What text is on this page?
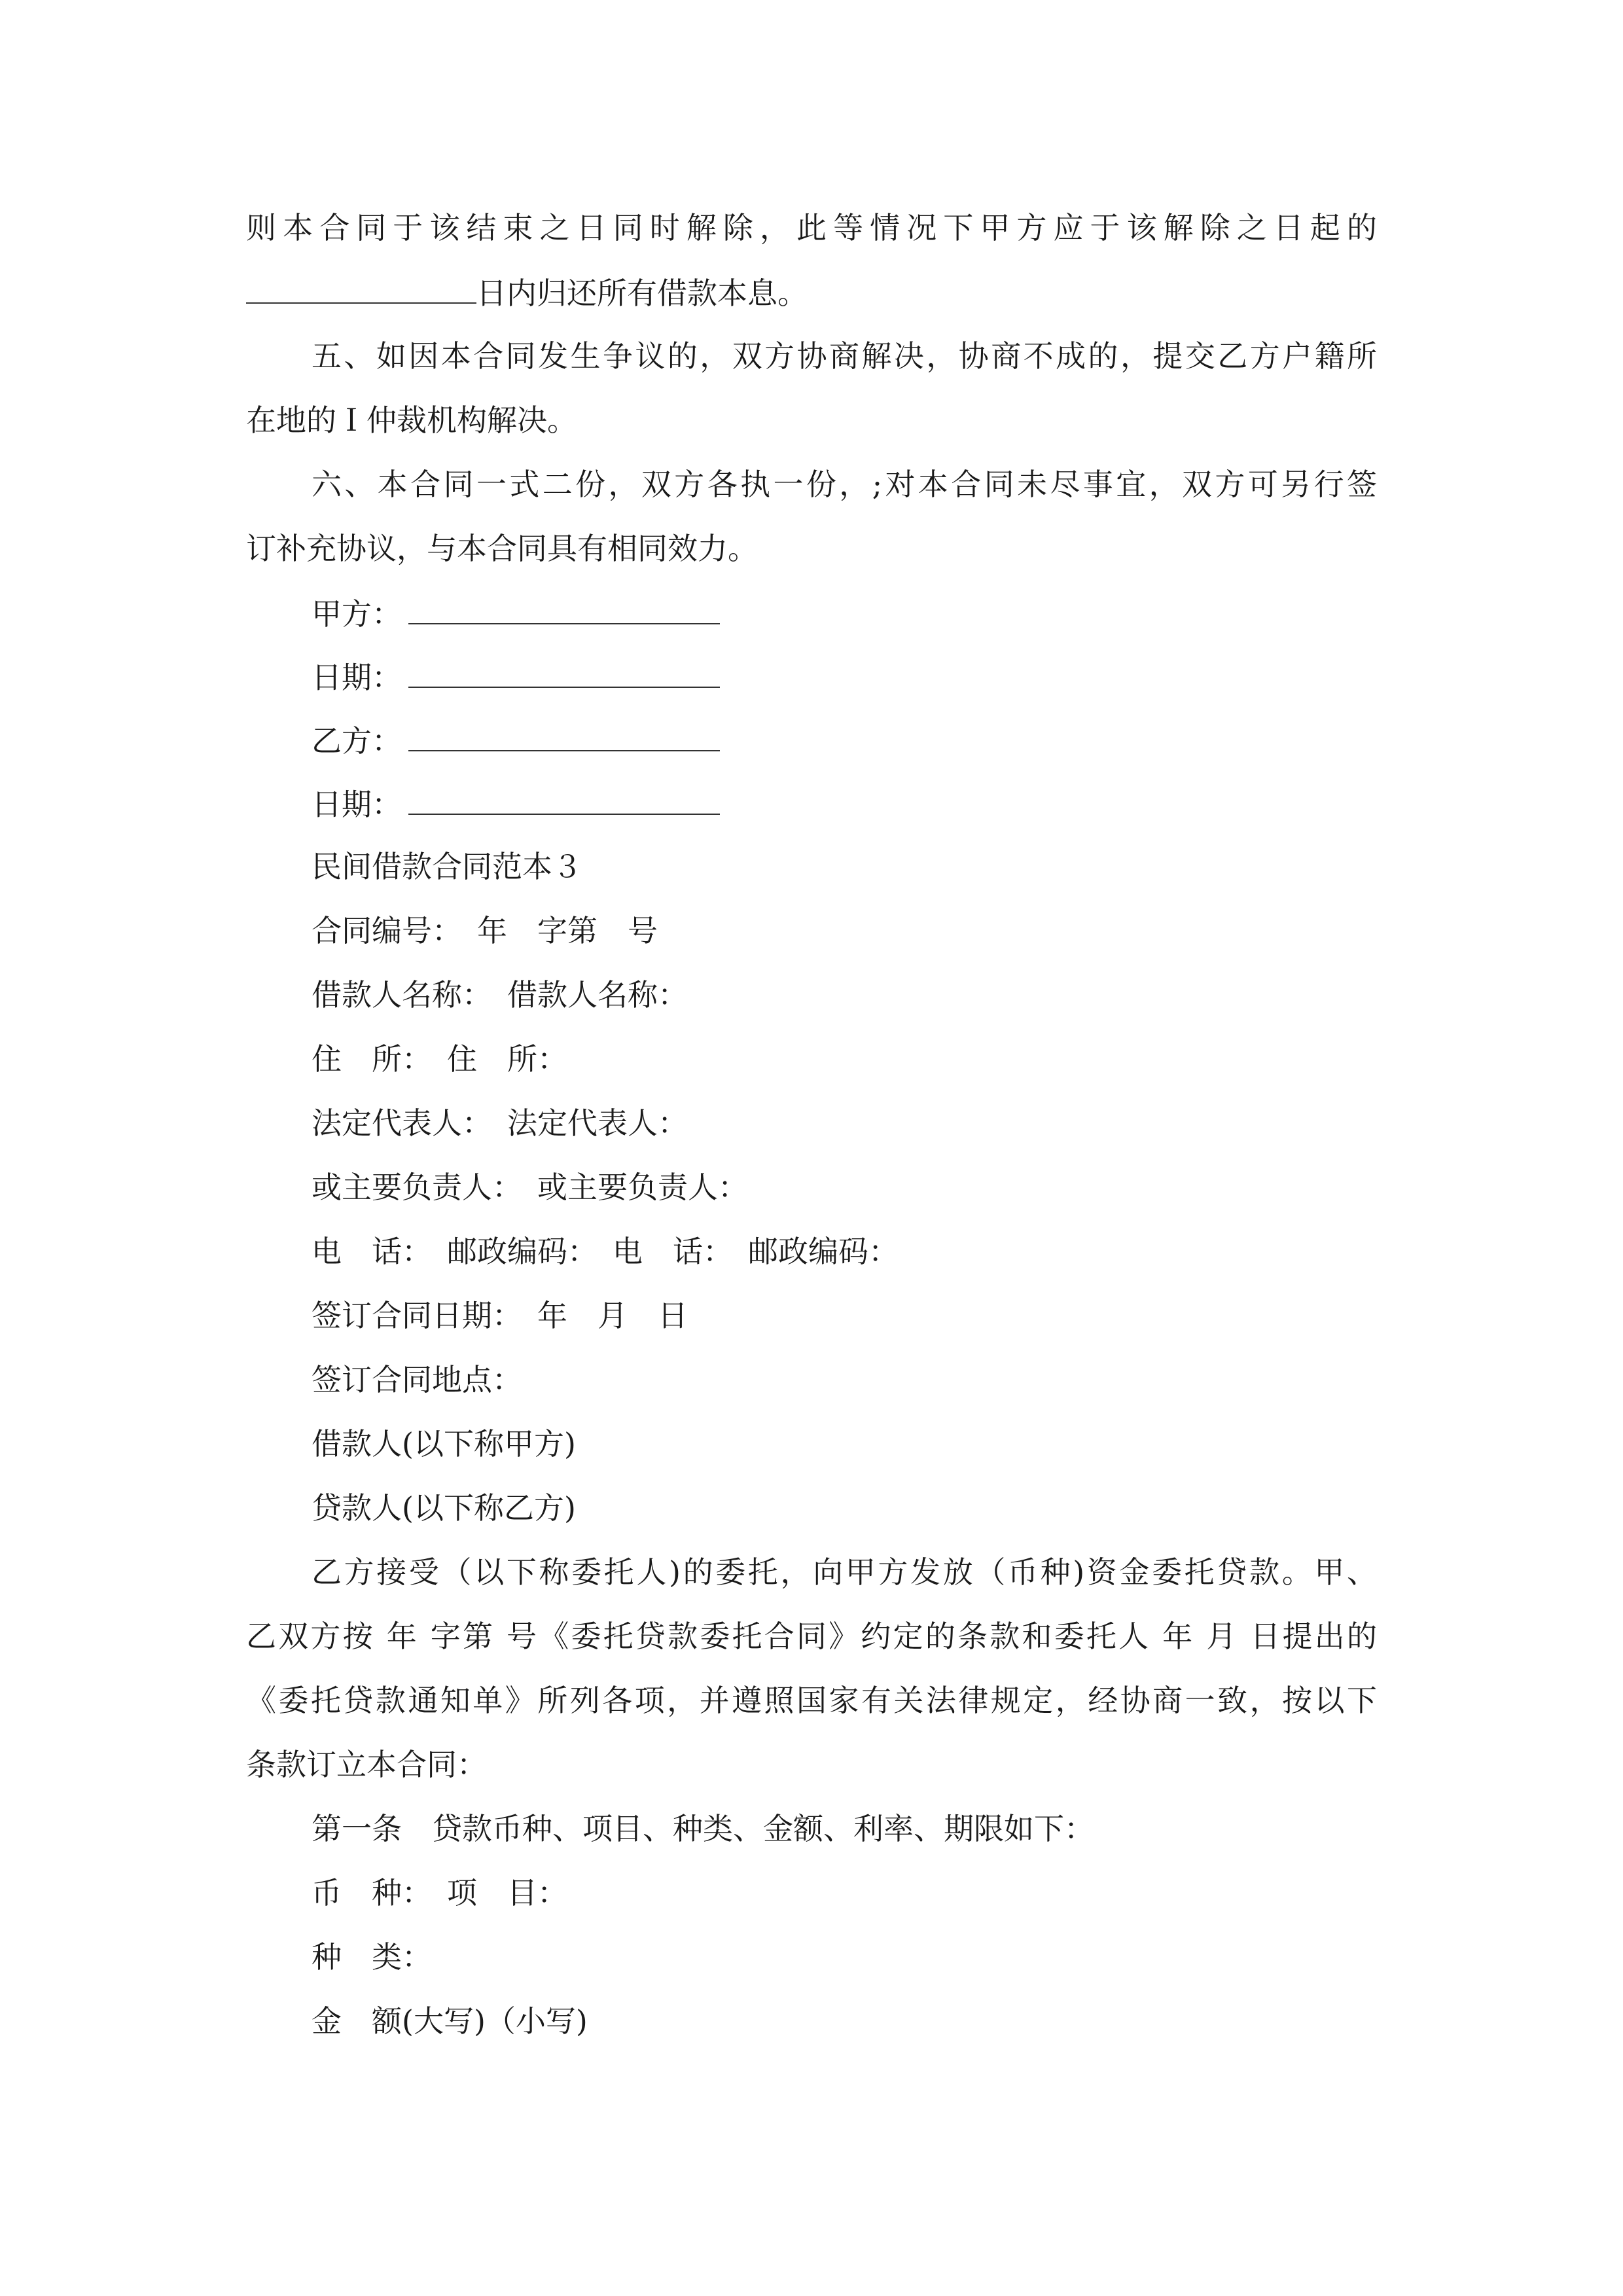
则本合同于该结束之日同时解除，此等情况下甲方应于该解除之日起的
日内归还所有借款本息。
五、如因本合同发生争议的，双方协商解决，协商不成的，提交乙方户籍所
在地的Ｉ仲裁机构解决。
六、本合同一式二份，双方各执一份，;对本合同未尽事宜，双方可另行签
订补充协议，与本合同具有相同效力。
甲方：
日期：
乙方：
日期：
民间借款合同范本３
合同编号：　年　字第　号
借款人名称：　借款人名称：
住　所：　住　所：
法定代表人：　法定代表人：
或主要负责人：　或主要负责人：
电　话：　邮政编码：　电　话：　邮政编码：
签订合同日期：　年　月　日
签订合同地点：
借款人(以下称甲方)
贷款人(以下称乙方)
乙方接受（以下称委托人)的委托，向甲方发放（币种)资金委托贷款。甲、
乙双方按 年 字第 号《委托贷款委托合同》约定的条款和委托人 年 月 日提出的
《委托贷款通知单》所列各项，并遵照国家有关法律规定，经协商一致，按以下
条款订立本合同：
第一条　贷款币种、项目、种类、金额、利率、期限如下：
币　种：　项　目：
种　类：
金　额(大写)（小写)
